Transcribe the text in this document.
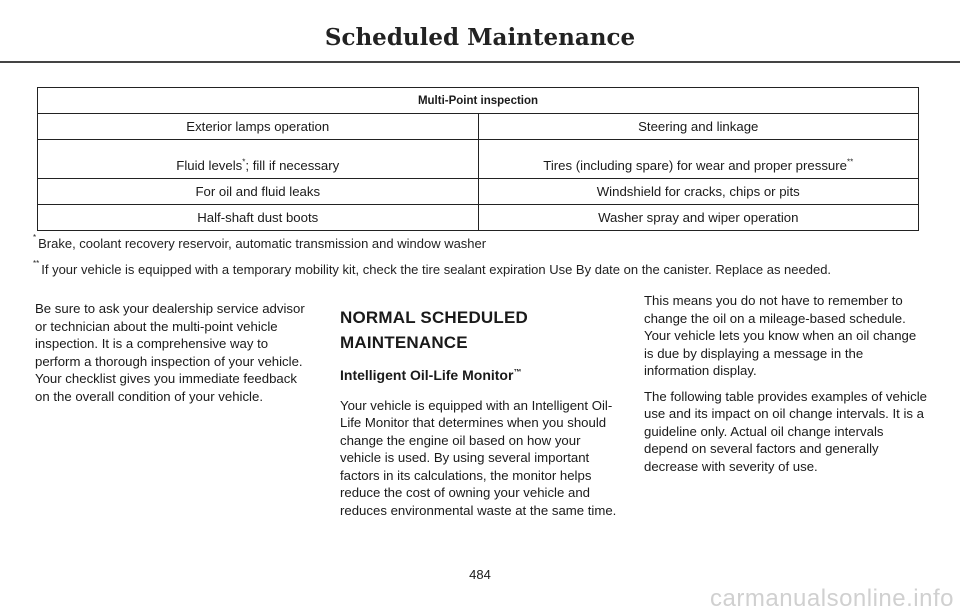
Scheduled Maintenance
Multi-Point inspection	
Exterior lamps operation	Steering and linkage
Fluid levels*; fill if necessary	Tires (including spare) for wear and proper pressure**
For oil and fluid leaks	Windshield for cracks, chips or pits
Half-shaft dust boots	Washer spray and wiper operation
* Brake, coolant recovery reservoir, automatic transmission and window washer
** If your vehicle is equipped with a temporary mobility kit, check the tire sealant expiration Use By date on the canister. Replace as needed.

Be sure to ask your dealership service advisor or technician about the multi-point vehicle inspection. It is a comprehensive way to perform a thorough inspection of your vehicle. Your checklist gives you immediate feedback on the overall condition of your vehicle.

NORMAL SCHEDULED
MAINTENANCE
Intelligent Oil-Life Monitor™

Your vehicle is equipped with an Intelligent Oil-Life Monitor that determines when you should change the engine oil based on how your vehicle is used. By using several important factors in its calculations, the monitor helps reduce the cost of owning your vehicle and reduces environmental waste at the same time.

This means you do not have to remember to change the oil on a mileage-based schedule. Your vehicle lets you know when an oil change is due by displaying a message in the information display.

The following table provides examples of vehicle use and its impact on oil change intervals. It is a guideline only. Actual oil change intervals depend on several factors and generally decrease with severity of use.

484
carmanualsonline.info
